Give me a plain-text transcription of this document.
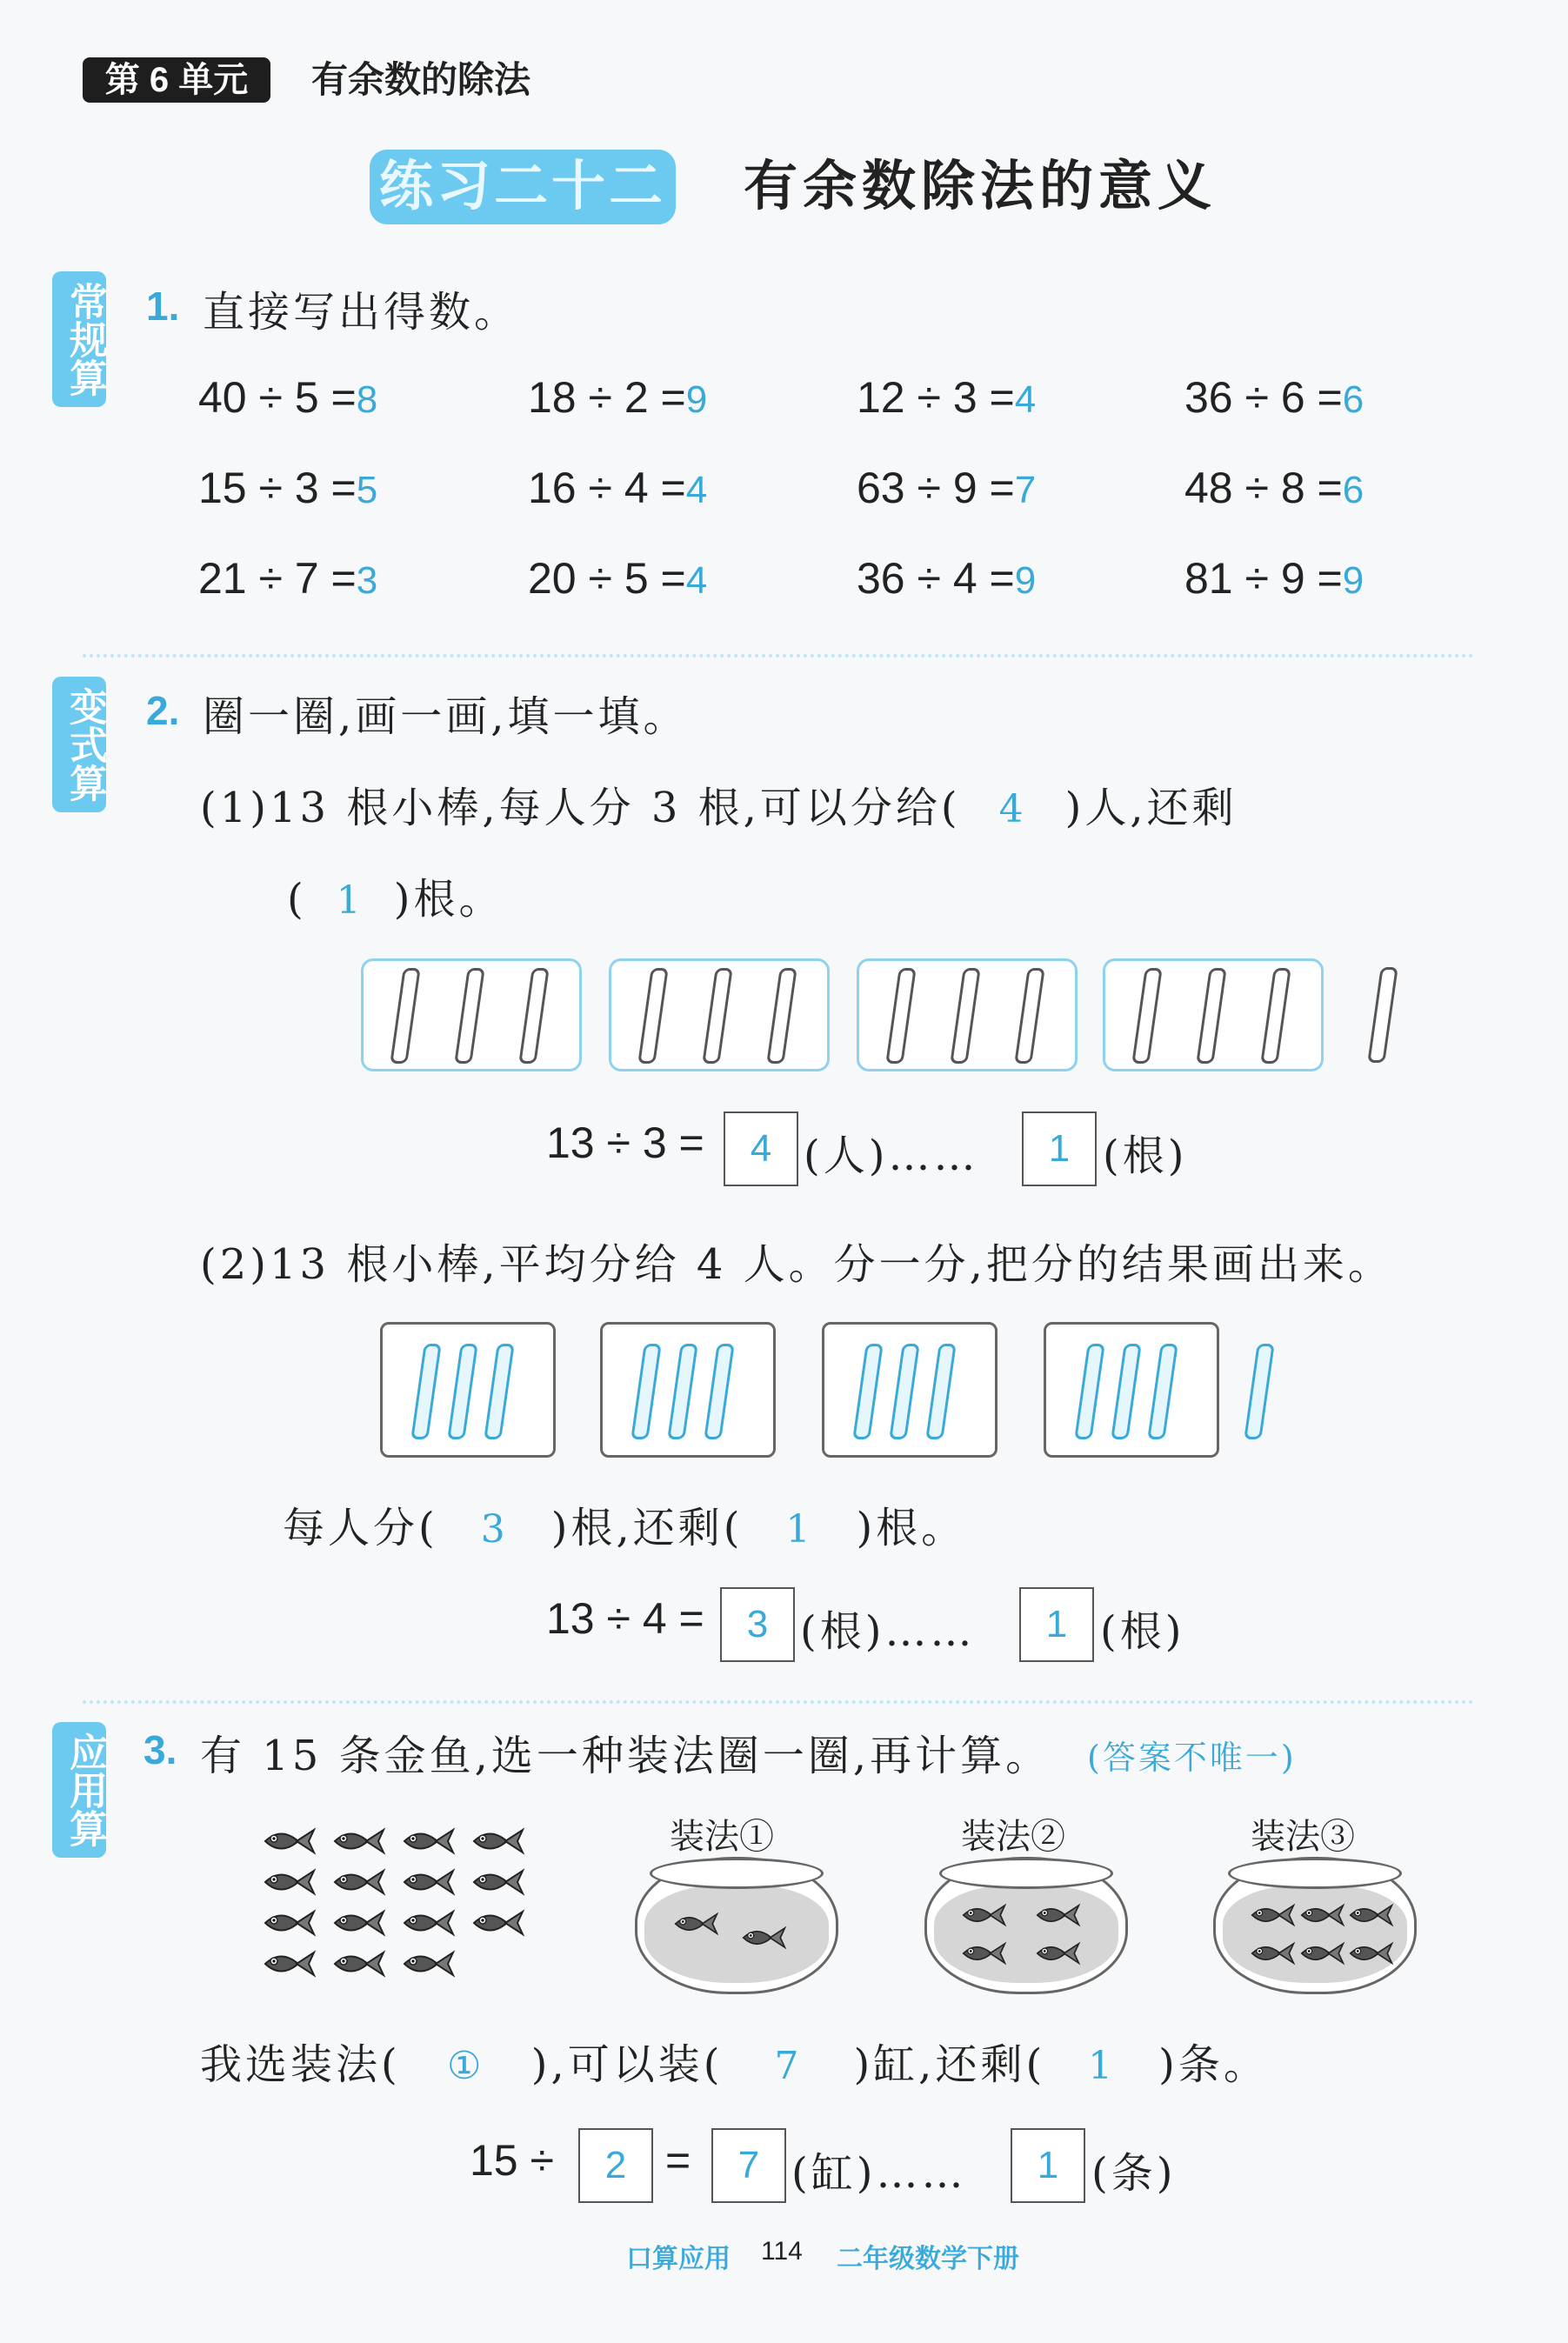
第 6 单元	有余数的除法
练习二十二 有余数除法的意义
常规算
变式算
应用算
1. 直接写出得数。
40 ÷ 5 =8	18 ÷ 2 =9	12 ÷ 3 =4	36 ÷ 6 =6
15 ÷ 3 =5	16 ÷ 4 =4	63 ÷ 9 =7	48 ÷ 8 =6
21 ÷ 7 =3	20 ÷ 5 =4	36 ÷ 4 =9	81 ÷ 9 =9
2. 圈一圈,画一画,填一填。
(1)13 根小棒,每人分 3 根,可以分给( 4 )人,还剩
( 1 )根。
13 ÷ 3 =	4 (人)……	1 (根)
(2)13 根小棒,平均分给 4 人。分一分,把分的结果画出来。
每人分( 3 )根,还剩( 1 )根。
13 ÷ 4 =	3 (根)……	1 (根)
3. 有 15 条金鱼,选一种装法圈一圈,再计算。 (答案不唯一)
装法①	装法②	装法③
我选装法( ① ),可以装( 7 )缸,还剩( 1 )条。
15 ÷	2 =	7 (缸)……	1 (条)
口算应用 114 二年级数学下册
